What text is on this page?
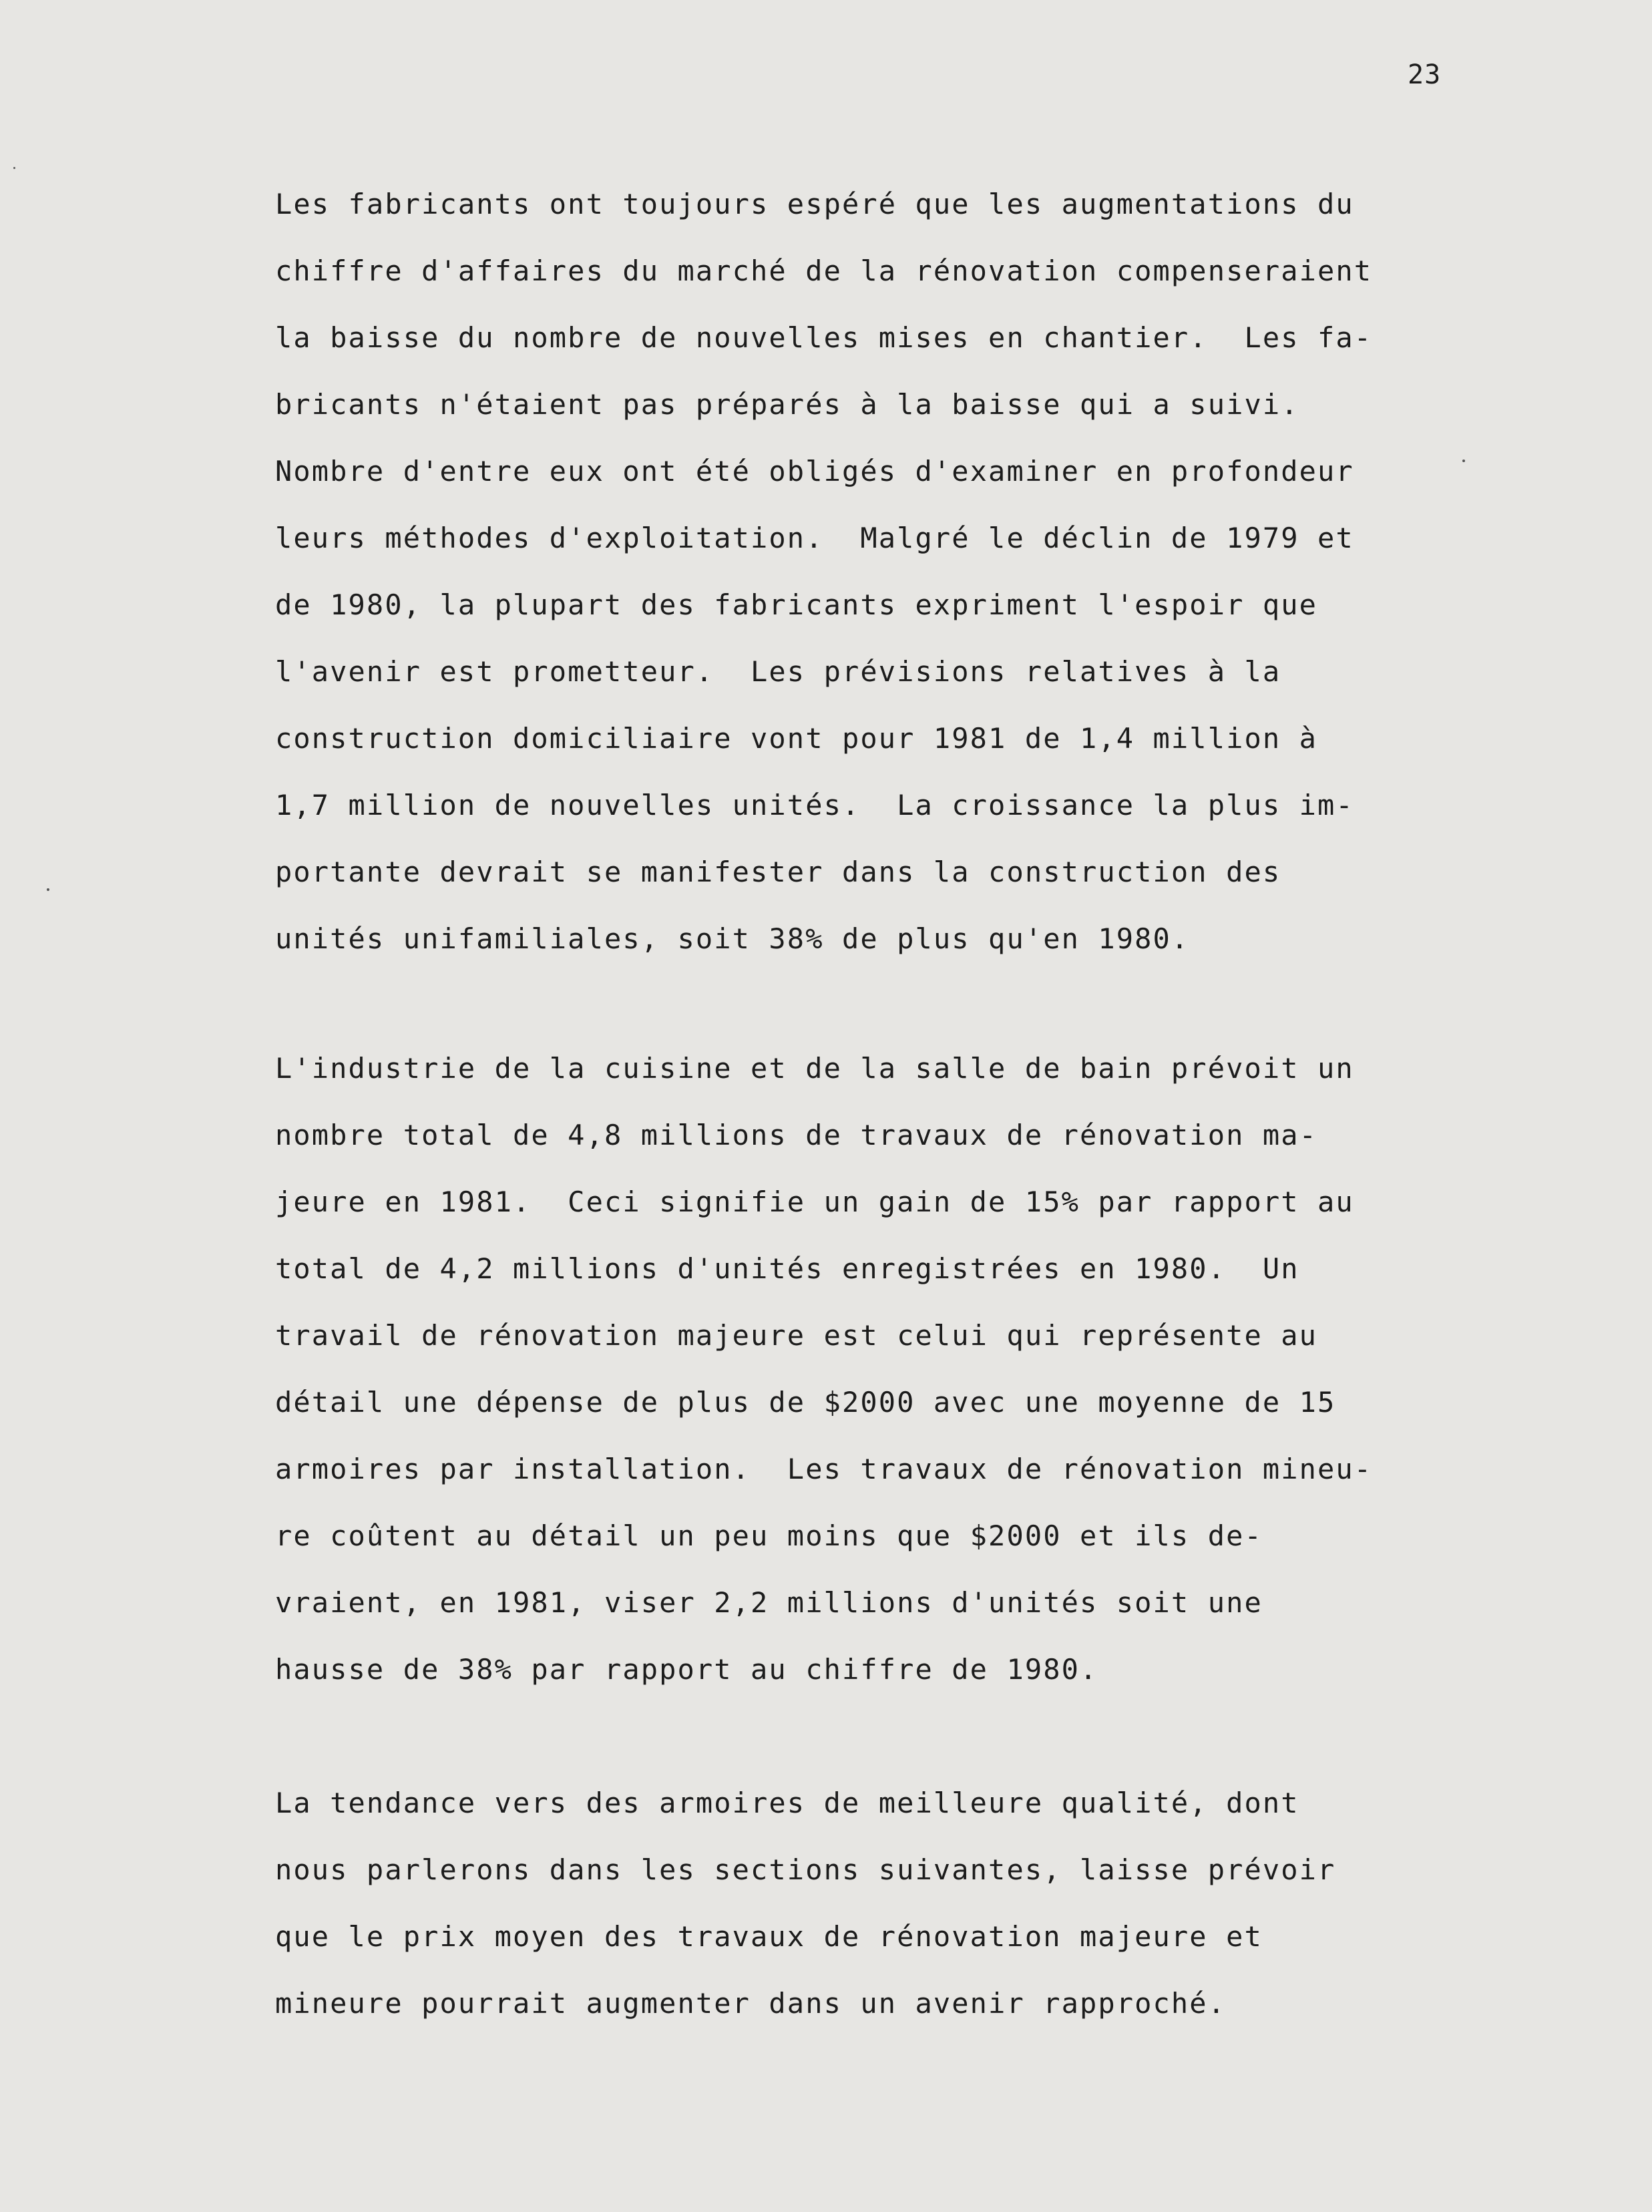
23
Les fabricants ont toujours espéré que les augmentations du
chiffre d'affaires du marché de la rénovation compenseraient
la baisse du nombre de nouvelles mises en chantier.  Les fa-
bricants n'étaient pas préparés à la baisse qui a suivi.
Nombre d'entre eux ont été obligés d'examiner en profondeur
leurs méthodes d'exploitation.  Malgré le déclin de 1979 et
de 1980, la plupart des fabricants expriment l'espoir que
l'avenir est prometteur.  Les prévisions relatives à la
construction domiciliaire vont pour 1981 de 1,4 million à
1,7 million de nouvelles unités.  La croissance la plus im-
portante devrait se manifester dans la construction des
unités unifamiliales, soit 38% de plus qu'en 1980.
L'industrie de la cuisine et de la salle de bain prévoit un
nombre total de 4,8 millions de travaux de rénovation ma-
jeure en 1981.  Ceci signifie un gain de 15% par rapport au
total de 4,2 millions d'unités enregistrées en 1980.  Un
travail de rénovation majeure est celui qui représente au
détail une dépense de plus de $2000 avec une moyenne de 15
armoires par installation.  Les travaux de rénovation mineu-
re coûtent au détail un peu moins que $2000 et ils de-
vraient, en 1981, viser 2,2 millions d'unités soit une
hausse de 38% par rapport au chiffre de 1980.
La tendance vers des armoires de meilleure qualité, dont
nous parlerons dans les sections suivantes, laisse prévoir
que le prix moyen des travaux de rénovation majeure et
mineure pourrait augmenter dans un avenir rapproché.
